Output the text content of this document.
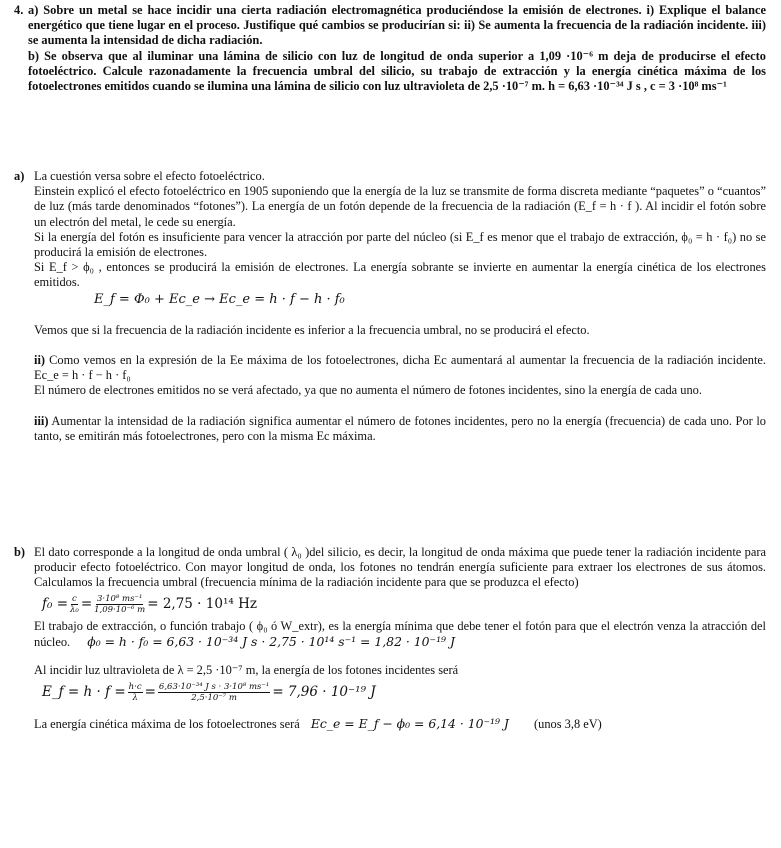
4. a) Sobre un metal se hace incidir una cierta radiación electromagnética produciéndose la emisión de electrones. i) Explique el balance energético que tiene lugar en el proceso. Justifique qué cambios se producirían si: ii) Se aumenta la frecuencia de la radiación incidente. iii) se aumenta la intensidad de dicha radiación.

b) Se observa que al iluminar una lámina de silicio con luz de longitud de onda superior a 1,09 ·10⁻⁶ m deja de producirse el efecto fotoeléctrico. Calcule razonadamente la frecuencia umbral del silicio, su trabajo de extracción y la energía cinética máxima de los fotoelectrones emitidos cuando se ilumina una lámina de silicio con luz ultravioleta de 2,5 ·10⁻⁷ m. h = 6,63 ·10⁻³⁴ J s , c = 3 ·10⁸ ms⁻¹

a) La cuestión versa sobre el efecto fotoeléctrico.

Einstein explicó el efecto fotoeléctrico en 1905 suponiendo que la energía de la luz se transmite de forma discreta mediante “paquetes” o “cuantos” de luz (más tarde denominados “fotones”). La energía de un fotón depende de la frecuencia de la radiación (E_f = h · f ). Al incidir el fotón sobre un electrón del metal, le cede su energía.

Si la energía del fotón es insuficiente para vencer la atracción por parte del núcleo (si E_f es menor que el trabajo de extracción, ϕ₀ = h · f₀) no se producirá la emisión de electrones.

Si E_f > ϕ₀ , entonces se producirá la emisión de electrones. La energía sobrante se invierte en aumentar la energía cinética de los electrones emitidos.

E_f = Φ₀ + Ec_e → Ec_e = h · f − h · f₀

Vemos que si la frecuencia de la radiación incidente es inferior a la frecuencia umbral, no se producirá el efecto.

ii) Como vemos en la expresión de la Ee máxima de los fotoelectrones, dicha Ec aumentará al aumentar la frecuencia de la radiación incidente. Ec_e = h · f − h · f₀

El número de electrones emitidos no se verá afectado, ya que no aumenta el número de fotones incidentes, sino la energía de cada uno.

iii) Aumentar la intensidad de la radiación significa aumentar el número de fotones incidentes, pero no la energía (frecuencia) de cada uno. Por lo tanto, se emitirán más fotoelectrones, pero con la misma Ec máxima.

b) El dato corresponde a la longitud de onda umbral ( λ₀ )del silicio, es decir, la longitud de onda máxima que puede tener la radiación incidente para producir efecto fotoeléctrico. Con mayor longitud de onda, los fotones no tendrán energía suficiente para extraer los electrones de sus átomos. Calculamos la frecuencia umbral (frecuencia mínima de la radiación incidente para que se produzca el efecto)

$f_0 = \frac{c}{\text{λ₀}} = \frac{\text{3·10⁸ ms⁻¹}}{\text{1,09·10⁻⁶ m}} = 2,75 \cdot 10^{14}$ Hz

El trabajo de extracción, o función trabajo ( ϕ₀ ó W_extr), es la energía mínima que debe tener el fotón para que el electrón venza la atracción del núcleo. ϕ₀ = h · f₀ = 6,63 · 10⁻³⁴ J s · 2,75 · 10¹⁴ s⁻¹ = 1,82 · 10⁻¹⁹ J

Al incidir luz ultravioleta de λ = 2,5 ·10⁻⁷ m, la energía de los fotones incidentes será

E_f = $h \cdot f = \frac{h\cdot c}{\lambda} = \frac{\text{6,63·10⁻³⁴ J s · 3·10⁸ ms⁻¹}}{\text{2,5·10⁻⁷ m}} = 7,96 \cdot 10^{-19}$ J

La energía cinética máxima de los fotoelectrones será Ec_e = E_f − ϕ₀ = 6,14 · 10⁻¹⁹ J (unos 3,8 eV)
